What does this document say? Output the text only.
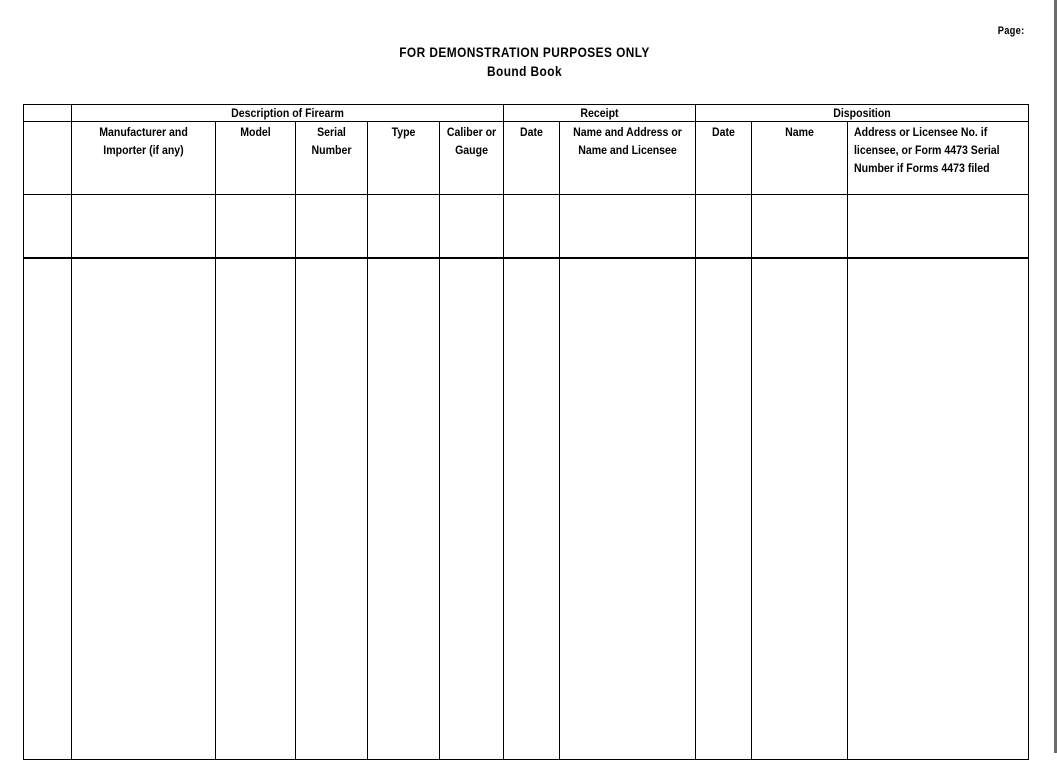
Page:
FOR DEMONSTRATION PURPOSES ONLY
Bound Book

	Description of Firearm					Receipt		Disposition		

	Manufacturer and Importer (if any)	Model	Serial Number	Type	Caliber or Gauge	Date	Name and Address or Name and Licensee	Date	Name	Address or Licensee No. if licensee, or Form 4473 Serial Number if Forms 4473 filed
